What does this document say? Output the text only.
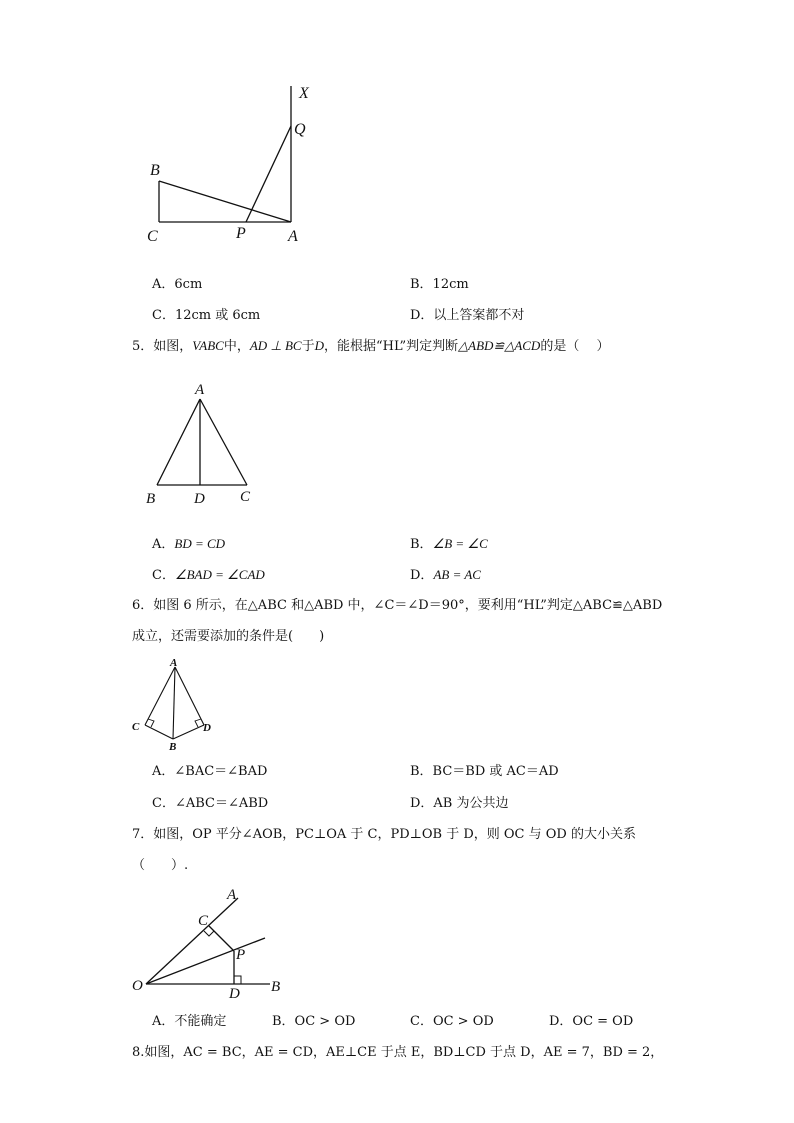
X
Q
B
C	P	A
A．6cm	B．12cm
C．12cm 或 6cm	D．以上答案都不对
5．如图，VABC中，AD ⊥ BC于D，能根据“HL”判定判断△ABD≌△ACD的是（　 ）
A
B	D C
A．BD = CD	B．∠B = ∠C
C．∠BAD = ∠CAD	D．AB = AC
6．如图 6 所示，在△ABC 和△ABD 中，∠C＝∠D＝90°，要利用“HL”判定△ABC≌△ABD
成立，还需要添加的条件是(　　)
A
C	D
B
A．∠BAC＝∠BAD	B．BC＝BD 或 AC＝AD
C．∠ABC＝∠ABD	D．AB 为公共边
7．如图，OP 平分∠AOB，PC⊥OA 于 C，PD⊥OB 于 D，则 OC 与 OD 的大小关系
（　　）.
A
C
P
O	D B
A．不能确定	B．OC > OD	C．OC > OD	D．OC = OD
8.如图，AC = BC，AE = CD，AE⊥CE 于点 E，BD⊥CD 于点 D，AE = 7，BD = 2，
